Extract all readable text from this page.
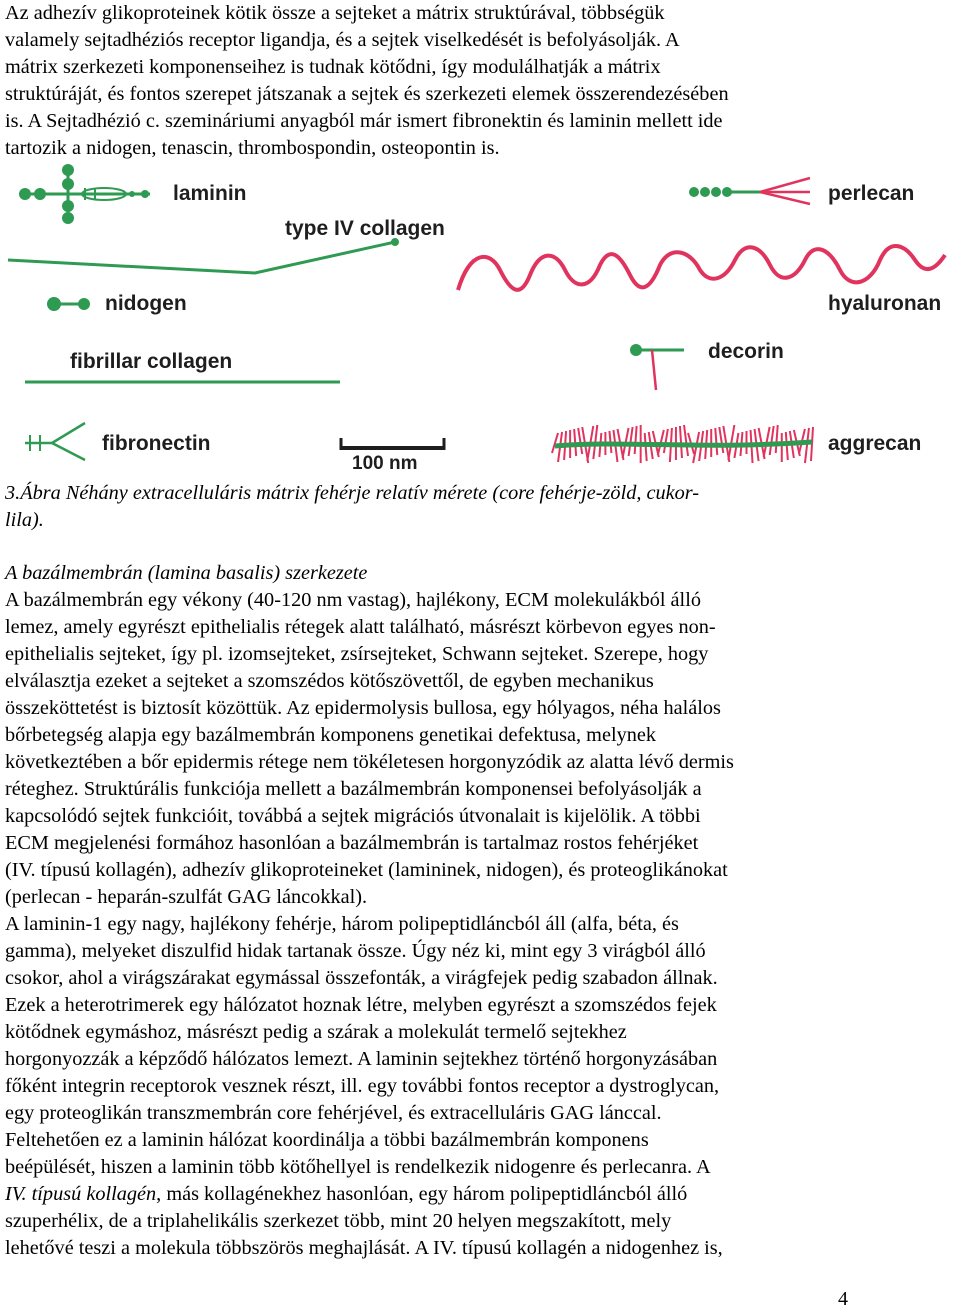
Az adhezív glikoproteinek kötik össze a sejteket a mátrix struktúrával, többségük
valamely sejtadhéziós receptor ligandja, és a sejtek viselkedését is befolyásolják. A
mátrix szerkezeti komponenseihez is tudnak kötődni, így modulálhatják a mátrix
struktúráját, és fontos szerepet játszanak a sejtek és szerkezeti elemek összerendezésében
is. A Sejtadhézió c. szemináriumi anyagból már ismert fibronektin és laminin mellett ide
tartozik a nidogen, tenascin, thrombospondin, osteopontin is.
laminin
type IV collagen
perlecan
hyaluronan
nidogen
fibrillar collagen	decorin
fibronectin
100 nm
aggrecan
3.Ábra Néhány extracelluláris mátrix fehérje relatív mérete (core fehérje-zöld, cukor-
lila).
A bazálmembrán (lamina basalis) szerkezete
A bazálmembrán egy vékony (40-120 nm vastag), hajlékony, ECM molekulákból álló
lemez, amely egyrészt epithelialis rétegek alatt található, másrészt körbevon egyes non-
epithelialis sejteket, így pl. izomsejteket, zsírsejteket, Schwann sejteket. Szerepe, hogy
elválasztja ezeket a sejteket a szomszédos kötőszövettől, de egyben mechanikus
összeköttetést is biztosít közöttük. Az epidermolysis bullosa, egy hólyagos, néha halálos
bőrbetegség alapja egy bazálmembrán komponens genetikai defektusa, melynek
következtében a bőr epidermis rétege nem tökéletesen horgonyzódik az alatta lévő dermis
réteghez. Struktúrális funkciója mellett a bazálmembrán komponensei befolyásolják a
kapcsolódó sejtek funkcióit, továbbá a sejtek migrációs útvonalait is kijelölik. A többi
ECM megjelenési formához hasonlóan a bazálmembrán is tartalmaz rostos fehérjéket
(IV. típusú kollagén), adhezív glikoproteineket (lamininek, nidogen), és proteoglikánokat
(perlecan - heparán-szulfát GAG láncokkal).
A laminin-1 egy nagy, hajlékony fehérje, három polipeptidláncból áll (alfa, béta, és
gamma), melyeket diszulfid hidak tartanak össze. Úgy néz ki, mint egy 3 virágból álló
csokor, ahol a virágszárakat egymással összefonták, a virágfejek pedig szabadon állnak.
Ezek a heterotrimerek egy hálózatot hoznak létre, melyben egyrészt a szomszédos fejek
kötődnek egymáshoz, másrészt pedig a szárak a molekulát termelő sejtekhez
horgonyozzák a képződő hálózatos lemezt. A laminin sejtekhez történő horgonyzásában
főként integrin receptorok vesznek részt, ill. egy további fontos receptor a dystroglycan,
egy proteoglikán transzmembrán core fehérjével, és extracelluláris GAG lánccal.
Feltehetően ez a laminin hálózat koordinálja a többi bazálmembrán komponens
beépülését, hiszen a laminin több kötőhellyel is rendelkezik nidogenre és perlecanra. A
IV. típusú kollagén, más kollagénekhez hasonlóan, egy három polipeptidláncból álló
szuperhélix, de a triplahelikális szerkezet több, mint 20 helyen megszakított, mely
lehetővé teszi a molekula többszörös meghajlását. A IV. típusú kollagén a nidogenhez is,
4
